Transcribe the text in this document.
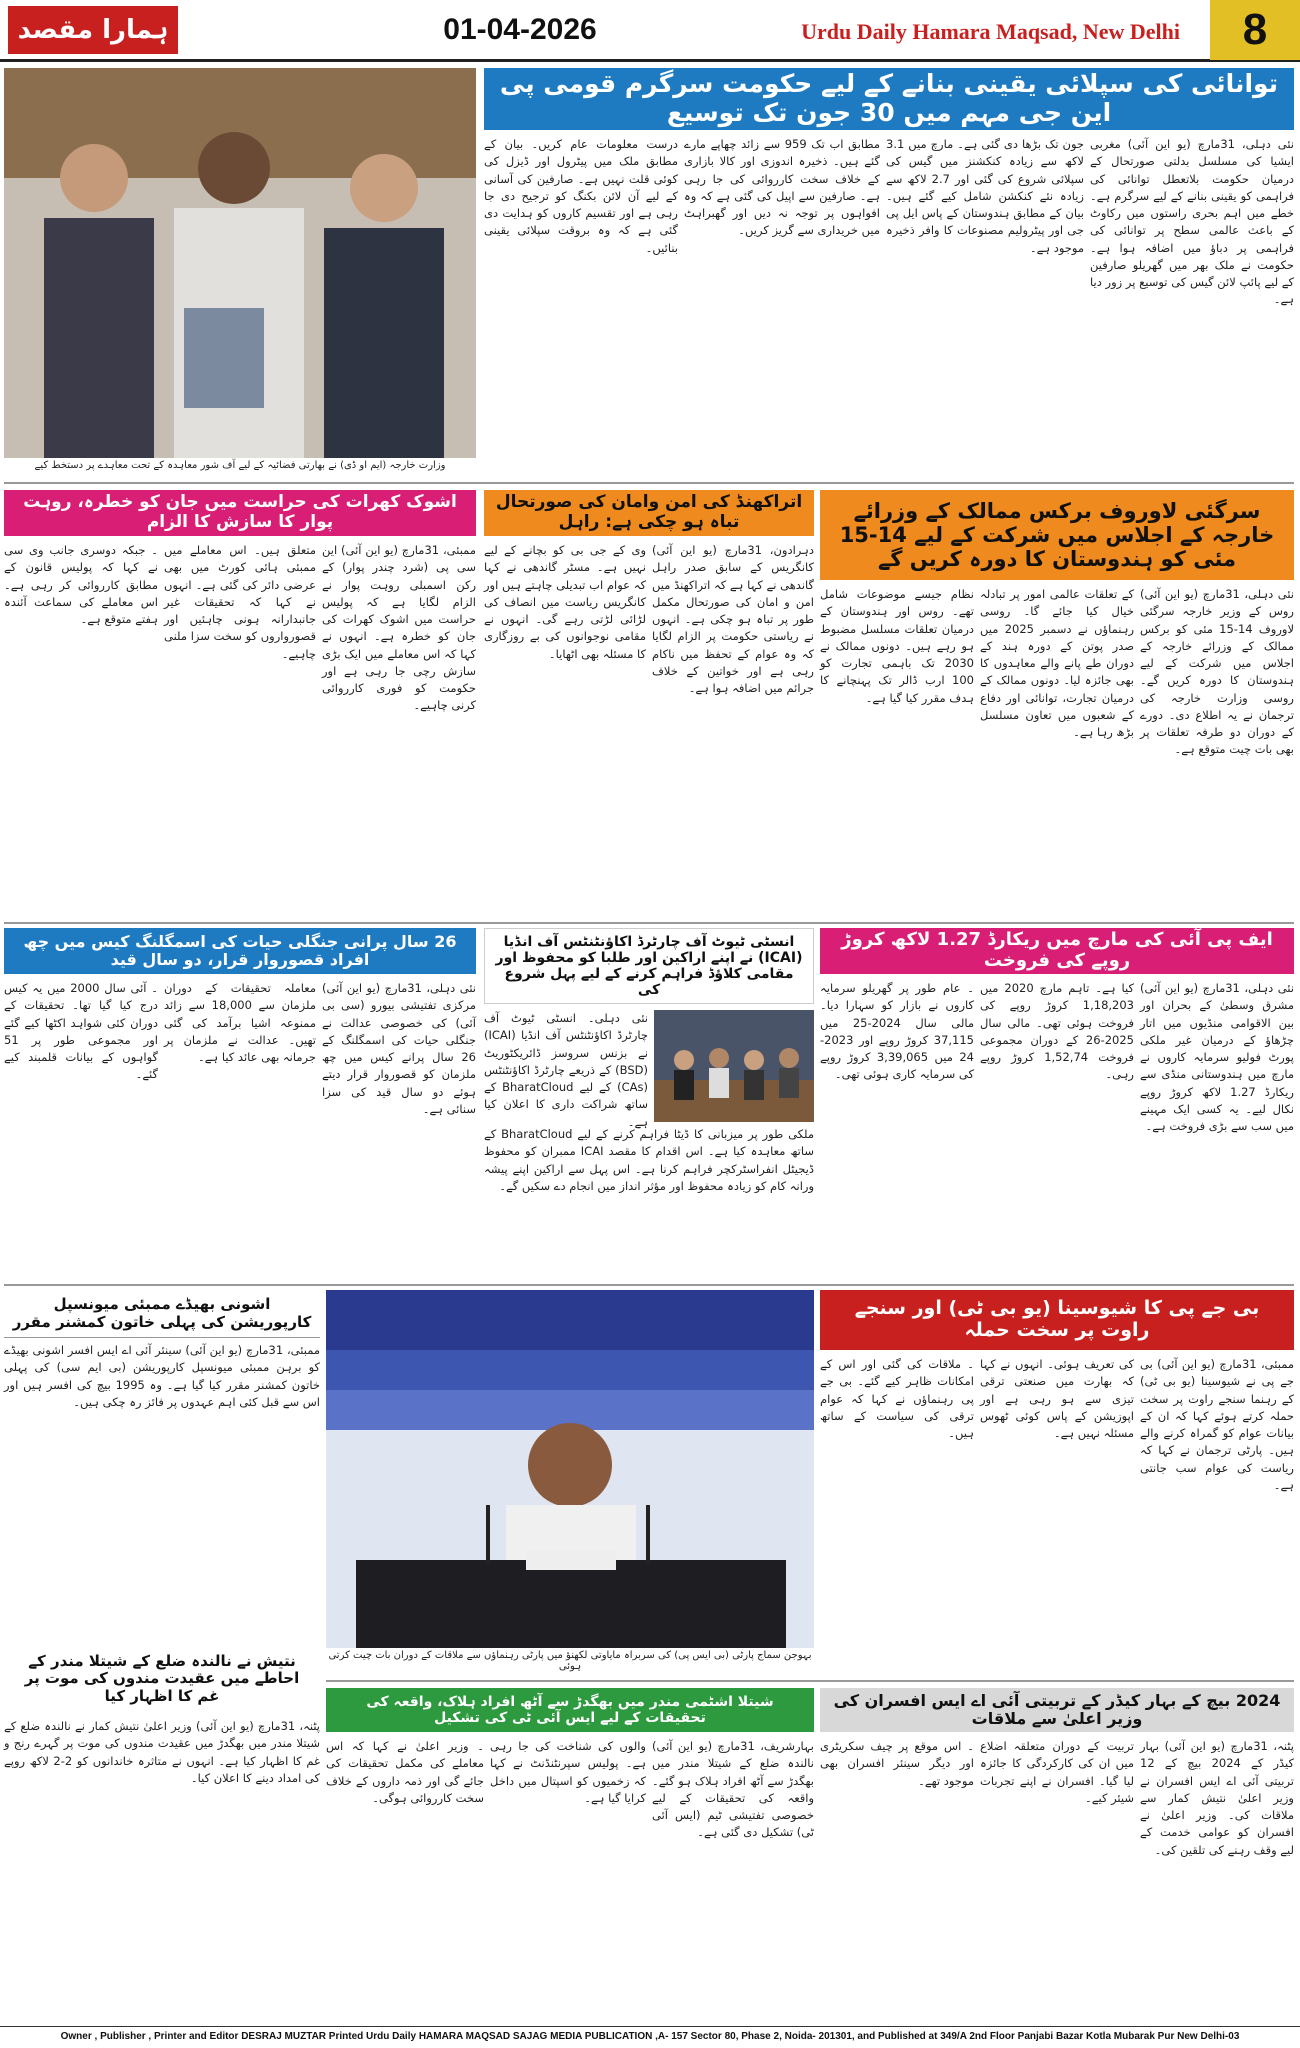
ہمارا مقصد	01-04-2026	Urdu Daily Hamara Maqsad, New Delhi	8
وزارت خارجہ (ایم او ڈی) نے بھارتی فضائیہ کے لیے آف شور معاہدہ کے تحت معاہدے پر دستخط کیے
توانائی کی سپلائی یقینی بنانے کے لیے حکومت سرگرم قومی پی این جی مہم میں 30 جون تک توسیع
نئی دہلی، 31مارچ (یو این آئی) مغربی ایشیا کی مسلسل بدلتی صورتحال کے درمیان حکومت بلاتعطل توانائی کی فراہمی کو یقینی بنانے کے لیے سرگرم ہے۔ خطے میں اہم بحری راستوں میں رکاوٹ کے باعث عالمی سطح پر توانائی کی فراہمی پر دباؤ میں اضافہ ہوا ہے۔ حکومت نے ملک بھر میں گھریلو صارفین کے لیے پائپ لائن گیس کی توسیع پر زور دیا ہے۔
جون تک بڑھا دی گئی ہے۔ مارچ میں 3.1 لاکھ سے زیادہ کنکشنز میں گیس کی سپلائی شروع کی گئی اور 2.7 لاکھ سے زیادہ نئے کنکشن شامل کیے گئے ہیں۔ بیان کے مطابق ہندوستان کے پاس ایل پی جی اور پیٹرولیم مصنوعات کا وافر ذخیرہ موجود ہے۔
مطابق اب تک 959 سے زائد چھاپے مارے گئے ہیں۔ ذخیرہ اندوزی اور کالا بازاری کے خلاف سخت کارروائی کی جا رہی ہے۔ صارفین سے اپیل کی گئی ہے کہ وہ افواہوں پر توجہ نہ دیں اور گھبراہٹ میں خریداری سے گریز کریں۔
درست معلومات عام کریں۔ بیان کے مطابق ملک میں پیٹرول اور ڈیزل کی کوئی قلت نہیں ہے۔ صارفین کی آسانی کے لیے آن لائن بکنگ کو ترجیح دی جا رہی ہے اور تقسیم کاروں کو ہدایت دی گئی ہے کہ وہ بروقت سپلائی یقینی بنائیں۔
سرگئی لاوروف برکس ممالک کے وزرائے خارجہ کے اجلاس میں شرکت کے لیے 14-15 مئی کو ہندوستان کا دورہ کریں گے
نئی دہلی، 31مارچ (یو این آئی) روس کے وزیر خارجہ سرگئی لاوروف 14-15 مئی کو برکس ممالک کے وزرائے خارجہ کے اجلاس میں شرکت کے لیے ہندوستان کا دورہ کریں گے۔ روسی وزارت خارجہ کی ترجمان نے یہ اطلاع دی۔ دورے کے دوران دو طرفہ تعلقات پر بھی بات چیت متوقع ہے۔
کے تعلقات عالمی امور پر تبادلہ خیال کیا جائے گا۔ روسی رہنماؤں نے دسمبر 2025 میں صدر پوتن کے دورہ ہند کے دوران طے پانے والے معاہدوں کا بھی جائزہ لیا۔ دونوں ممالک کے درمیان تجارت، توانائی اور دفاع کے شعبوں میں تعاون مسلسل بڑھ رہا ہے۔
نظام جیسے موضوعات شامل تھے۔ روس اور ہندوستان کے درمیان تعلقات مسلسل مضبوط ہو رہے ہیں۔ دونوں ممالک نے 2030 تک باہمی تجارت کو 100 ارب ڈالر تک پہنچانے کا ہدف مقرر کیا گیا ہے۔
اتراکھنڈ کی امن وامان کی صورتحال تباہ ہو چکی ہے: راہل
دہرادون، 31مارچ (یو این آئی) کانگریس کے سابق صدر راہل گاندھی نے کہا ہے کہ اتراکھنڈ میں امن و امان کی صورتحال مکمل طور پر تباہ ہو چکی ہے۔ انہوں نے ریاستی حکومت پر الزام لگایا کہ وہ عوام کے تحفظ میں ناکام رہی ہے اور خواتین کے خلاف جرائم میں اضافہ ہوا ہے۔
وی کے جی بی کو بچانے کے لیے نہیں ہے۔ مسٹر گاندھی نے کہا کہ عوام اب تبدیلی چاہتے ہیں اور کانگریس ریاست میں انصاف کی لڑائی لڑتی رہے گی۔ انہوں نے مقامی نوجوانوں کی بے روزگاری کا مسئلہ بھی اٹھایا۔
اشوک کھرات کی حراست میں جان کو خطرہ، روہت پوار کا سازش کا الزام
ممبئی، 31مارچ (یو این آئی) این سی پی (شرد چندر پوار) کے رکن اسمبلی روہت پوار نے الزام لگایا ہے کہ پولیس حراست میں اشوک کھرات کی جان کو خطرہ ہے۔ انہوں نے کہا کہ اس معاملے میں ایک بڑی سازش رچی جا رہی ہے اور حکومت کو فوری کارروائی کرنی چاہیے۔
متعلق ہیں۔ اس معاملے میں ممبئی ہائی کورٹ میں بھی عرضی دائر کی گئی ہے۔ انہوں نے کہا کہ تحقیقات غیر جانبدارانہ ہونی چاہئیں اور قصورواروں کو سخت سزا ملنی چاہیے۔
۔ جبکہ دوسری جانب وی سی نے کہا کہ پولیس قانون کے مطابق کارروائی کر رہی ہے۔ اس معاملے کی سماعت آئندہ ہفتے متوقع ہے۔
ایف پی آئی کی مارچ میں ریکارڈ 1.27 لاکھ کروڑ روپے کی فروخت
نئی دہلی، 31مارچ (یو این آئی) مشرق وسطیٰ کے بحران اور بین الاقوامی منڈیوں میں اتار چڑھاؤ کے درمیان غیر ملکی پورٹ فولیو سرمایہ کاروں نے مارچ میں ہندوستانی منڈی سے ریکارڈ 1.27 لاکھ کروڑ روپے نکال لیے۔ یہ کسی ایک مہینے میں سب سے بڑی فروخت ہے۔
کیا ہے۔ تاہم مارچ 2020 میں 1,18,203 کروڑ روپے کی فروخت ہوئی تھی۔ مالی سال 2025-26 کے دوران مجموعی فروخت 1,52,74 کروڑ روپے رہی۔
۔ عام طور پر گھریلو سرمایہ کاروں نے بازار کو سہارا دیا۔ مالی سال 2024-25 میں 37,115 کروڑ روپے اور 2023-24 میں 3,39,065 کروڑ روپے کی سرمایہ کاری ہوئی تھی۔
انسٹی ٹیوٹ آف چارٹرڈ اکاؤنٹنٹس آف انڈیا (ICAI) نے اپنے اراکین اور طلبا کو محفوظ اور مقامی کلاؤڈ فراہم کرنے کے لیے پہل شروع کی
نئی دہلی۔ انسٹی ٹیوٹ آف چارٹرڈ اکاؤنٹنٹس آف انڈیا (ICAI) نے بزنس سروسز ڈائریکٹوریٹ (BSD) کے ذریعے چارٹرڈ اکاؤنٹنٹس (CAs) کے لیے BharatCloud کے ساتھ شراکت داری کا اعلان کیا ہے۔
ملکی طور پر میزبانی کا ڈیٹا فراہم کرنے کے لیے BharatCloud کے ساتھ معاہدہ کیا ہے۔ اس اقدام کا مقصد ICAI ممبران کو محفوظ ڈیجیٹل انفراسٹرکچر فراہم کرنا ہے۔ اس پہل سے اراکین اپنے پیشہ ورانہ کام کو زیادہ محفوظ اور مؤثر انداز میں انجام دے سکیں گے۔
26 سال پرانی جنگلی حیات کی اسمگلنگ کیس میں چھ افراد قصوروار قرار، دو سال قید
نئی دہلی، 31مارچ (یو این آئی) مرکزی تفتیشی بیورو (سی بی آئی) کی خصوصی عدالت نے جنگلی حیات کی اسمگلنگ کے 26 سال پرانے کیس میں چھ ملزمان کو قصوروار قرار دیتے ہوئے دو سال قید کی سزا سنائی ہے۔
معاملہ تحقیقات کے دوران ملزمان سے 18,000 سے زائد ممنوعہ اشیا برآمد کی گئی تھیں۔ عدالت نے ملزمان پر جرمانہ بھی عائد کیا ہے۔
۔ آئی سال 2000 میں یہ کیس درج کیا گیا تھا۔ تحقیقات کے دوران کئی شواہد اکٹھا کیے گئے اور مجموعی طور پر 51 گواہوں کے بیانات قلمبند کیے گئے۔
بی جے پی کا شیوسینا (یو بی ٹی) اور سنجے راوت پر سخت حملہ
ممبئی، 31مارچ (یو این آئی) بی جے پی نے شیوسینا (یو بی ٹی) کے رہنما سنجے راوت پر سخت حملہ کرتے ہوئے کہا کہ ان کے بیانات عوام کو گمراہ کرنے والے ہیں۔ پارٹی ترجمان نے کہا کہ ریاست کی عوام سب جانتی ہے۔
کی تعریف ہوئی۔ انہوں نے کہا کہ بھارت میں صنعتی ترقی تیزی سے ہو رہی ہے اور اپوزیشن کے پاس کوئی ٹھوس مسئلہ نہیں ہے۔
۔ ملاقات کی گئی اور اس کے امکانات ظاہر کیے گئے۔ بی جے پی رہنماؤں نے کہا کہ عوام ترقی کی سیاست کے ساتھ ہیں۔
بہوجن سماج پارٹی (بی ایس پی) کی سربراہ مایاوتی لکھنؤ میں پارٹی رہنماؤں سے ملاقات کے دوران بات چیت کرتی ہوئی
اشونی بھیڈے ممبئی میونسپل کارپوریشن کی پہلی خاتون کمشنر مقرر
ممبئی، 31مارچ (یو این آئی) سینئر آئی اے ایس افسر اشونی بھیڈے کو برہن ممبئی میونسپل کارپوریشن (بی ایم سی) کی پہلی خاتون کمشنر مقرر کیا گیا ہے۔ وہ 1995 بیچ کی افسر ہیں اور اس سے قبل کئی اہم عہدوں پر فائز رہ چکی ہیں۔
نتیش نے نالندہ ضلع کے شیتلا مندر کے احاطے میں عقیدت مندوں کی موت پر غم کا اظہار کیا
پٹنہ، 31مارچ (یو این آئی) وزیر اعلیٰ نتیش کمار نے نالندہ ضلع کے شیتلا مندر میں بھگدڑ میں عقیدت مندوں کی موت پر گہرے رنج و غم کا اظہار کیا ہے۔ انہوں نے متاثرہ خاندانوں کو 2-2 لاکھ روپے کی امداد دینے کا اعلان کیا۔
2024 بیچ کے بہار کیڈر کے تربیتی آئی اے ایس افسران کی وزیر اعلیٰ سے ملاقات
پٹنہ، 31مارچ (یو این آئی) بہار کیڈر کے 2024 بیچ کے 12 تربیتی آئی اے ایس افسران نے وزیر اعلیٰ نتیش کمار سے ملاقات کی۔ وزیر اعلیٰ نے افسران کو عوامی خدمت کے لیے وقف رہنے کی تلقین کی۔
تربیت کے دوران متعلقہ اضلاع میں ان کی کارکردگی کا جائزہ لیا گیا۔ افسران نے اپنے تجربات شیئر کیے۔
۔ اس موقع پر چیف سکریٹری اور دیگر سینئر افسران بھی موجود تھے۔
شیتلا اشٹمی مندر میں بھگدڑ سے آٹھ افراد ہلاک، واقعہ کی تحقیقات کے لیے ایس آئی ٹی کی تشکیل
بہارشریف، 31مارچ (یو این آئی) نالندہ ضلع کے شیتلا مندر میں بھگدڑ سے آٹھ افراد ہلاک ہو گئے۔ واقعہ کی تحقیقات کے لیے خصوصی تفتیشی ٹیم (ایس آئی ٹی) تشکیل دی گئی ہے۔
والوں کی شناخت کی جا رہی ہے۔ پولیس سپرنٹنڈنٹ نے کہا کہ زخمیوں کو اسپتال میں داخل کرایا گیا ہے۔
۔ وزیر اعلیٰ نے کہا کہ اس معاملے کی مکمل تحقیقات کی جائے گی اور ذمہ داروں کے خلاف سخت کارروائی ہوگی۔
Owner , Publisher , Printer and Editor DESRAJ MUZTAR Printed Urdu Daily HAMARA MAQSAD SAJAG MEDIA PUBLICATION ,A- 157 Sector 80, Phase 2, Noida- 201301, and Published at 349/A 2nd Floor Panjabi Bazar Kotla Mubarak Pur New Delhi-03
